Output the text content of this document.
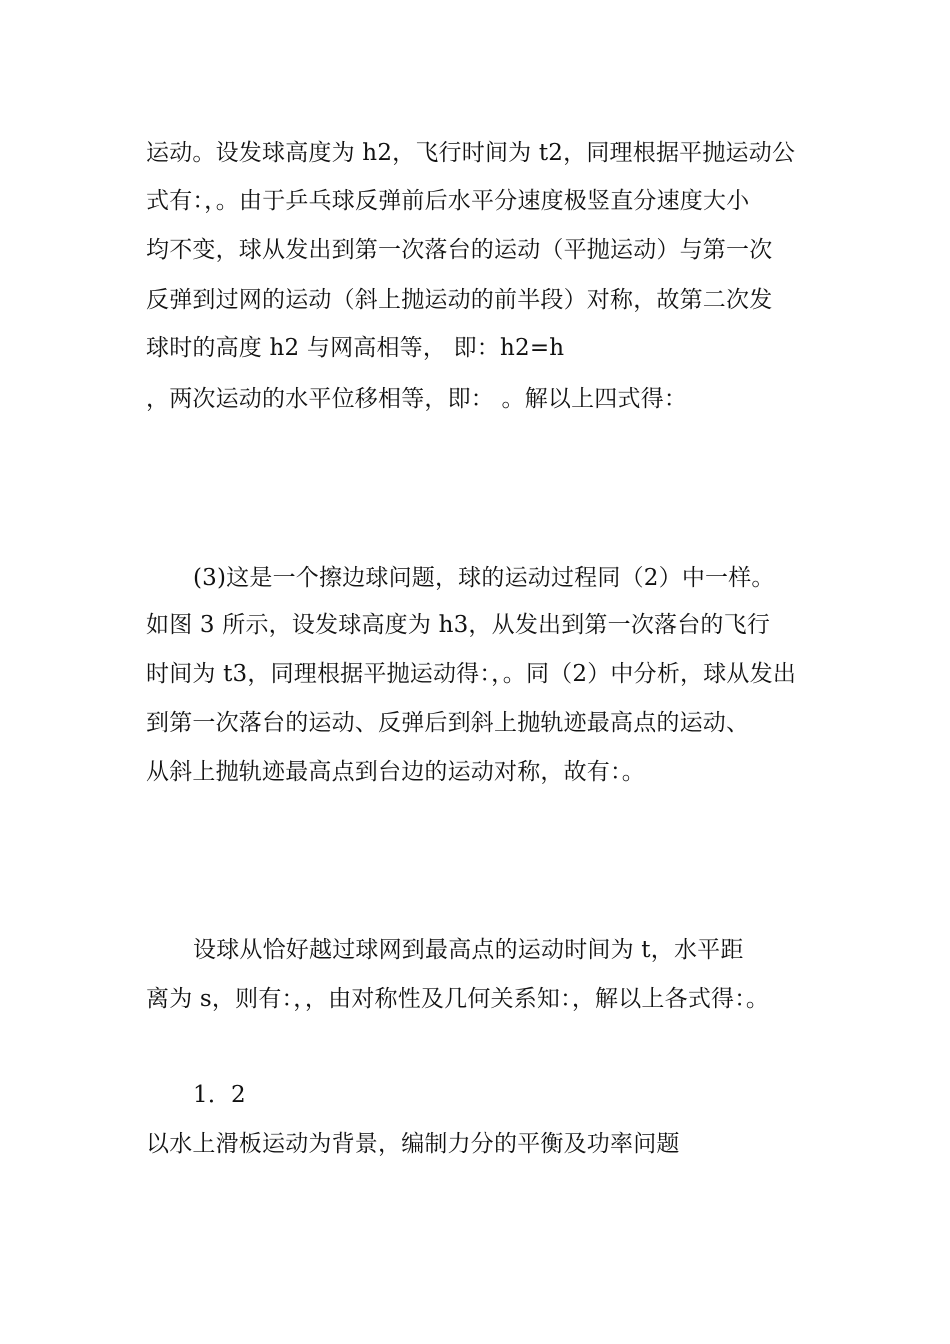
运动。设发球高度为 h2，飞行时间为 t2，同理根据平抛运动公
式有：，。由于乒乓球反弹前后水平分速度极竖直分速度大小
均不变，球从发出到第一次落台的运动（平抛运动）与第一次
反弹到过网的运动（斜上抛运动的前半段）对称，故第二次发
球时的高度 h2 与网高相等， 即：h2=h
，两次运动的水平位移相等，即： 。解以上四式得：
(3)这是一个擦边球问题，球的运动过程同（2）中一样。
如图 3 所示，设发球高度为 h3，从发出到第一次落台的飞行
时间为 t3，同理根据平抛运动得：，。同（2）中分析，球从发出
到第一次落台的运动、反弹后到斜上抛轨迹最高点的运动、
从斜上抛轨迹最高点到台边的运动对称，故有：。
设球从恰好越过球网到最高点的运动时间为 t，水平距
离为 s，则有：，，由对称性及几何关系知：，解以上各式得：。
1．2
以水上滑板运动为背景，编制力分的平衡及功率问题
